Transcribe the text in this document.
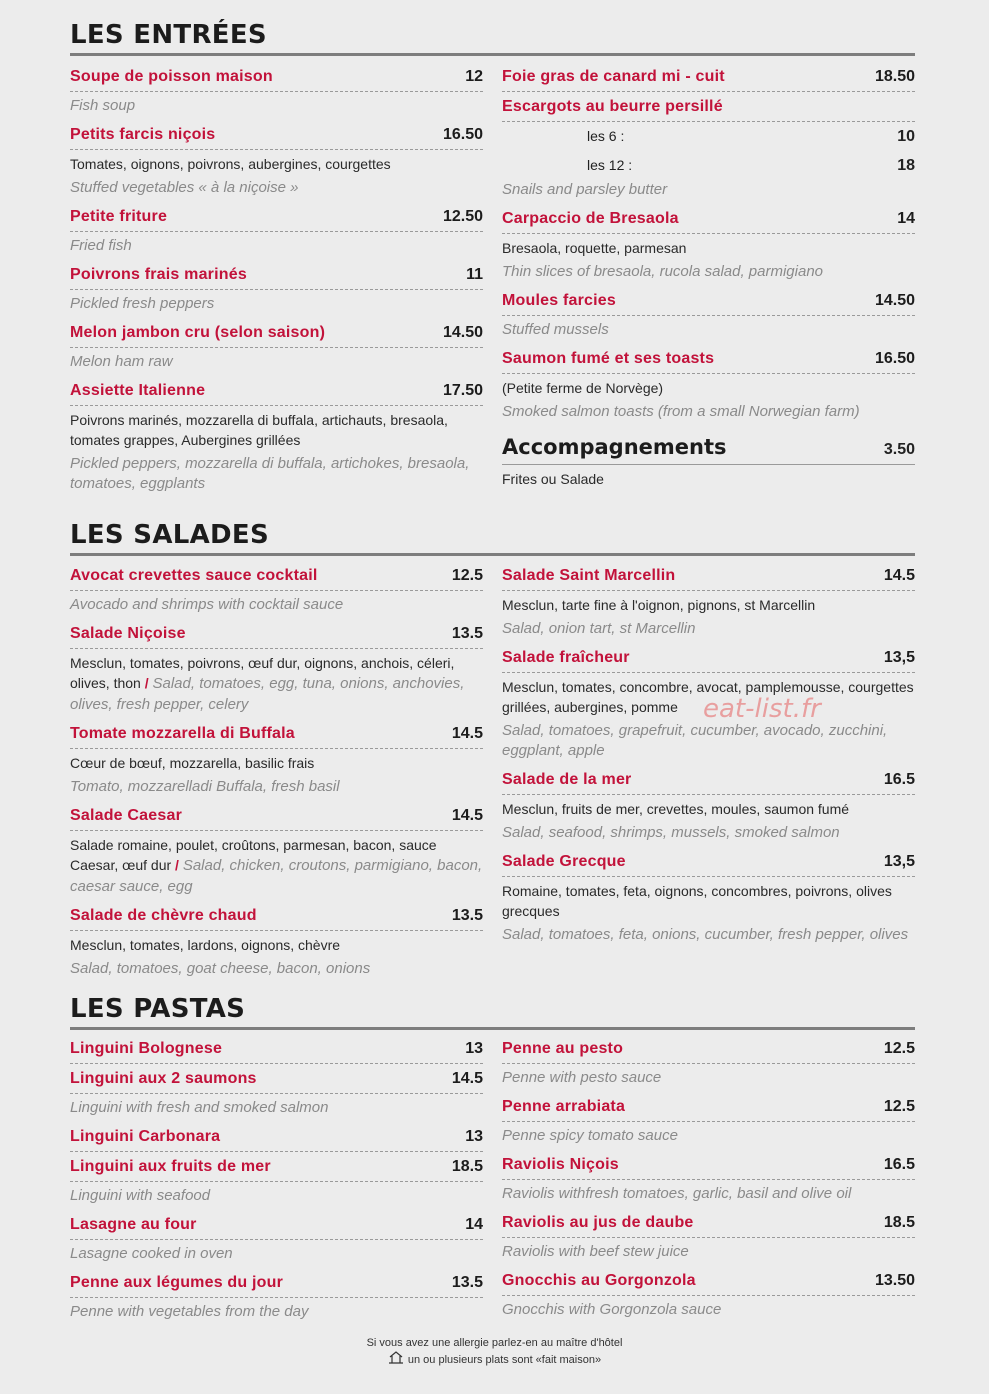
LES ENTRÉES
Soupe de poisson maison	12
Fish soup
Petits farcis niçois	16.50
Tomates, oignons, poivrons, aubergines, courgettes
Stuffed vegetables « à la niçoise »
Petite friture	12.50
Fried fish
Poivrons frais marinés	11
Pickled fresh peppers
Melon jambon cru (selon saison)	14.50
Melon ham raw
Assiette Italienne	17.50
Poivrons marinés, mozzarella di buffala, artichauts, bresaola, tomates grappes, Aubergines grillées
Pickled peppers, mozzarella di buffala, artichokes, bresaola, tomatoes, eggplants
Foie gras de canard mi - cuit	18.50
Escargots au beurre persillé
les 6 :	10
les 12 :	18
Snails and parsley butter
Carpaccio de Bresaola	14
Bresaola, roquette, parmesan
Thin slices of bresaola, rucola salad, parmigiano
Moules farcies	14.50
Stuffed mussels
Saumon fumé et ses toasts	16.50
(Petite ferme de Norvège)
Smoked salmon toasts (from a small Norwegian farm)
Accompagnements	3.50
Frites ou Salade
LES SALADES
Avocat crevettes sauce cocktail	12.5
Avocado and shrimps with cocktail sauce
Salade Niçoise	13.5
Mesclun, tomates, poivrons, œuf dur, oignons, anchois, céleri, olives, thon / Salad, tomatoes, egg, tuna, onions, anchovies, olives, fresh pepper, celery
Tomate mozzarella di Buffala	14.5
Cœur de bœuf, mozzarella, basilic frais
Tomato, mozzarelladi Buffala, fresh basil
Salade Caesar	14.5
Salade romaine, poulet, croûtons, parmesan, bacon, sauce Caesar, œuf dur / Salad, chicken, croutons, parmigiano, bacon, caesar sauce, egg
Salade de chèvre chaud	13.5
Mesclun, tomates, lardons, oignons, chèvre
Salad, tomatoes, goat cheese, bacon, onions
Salade Saint Marcellin	14.5
Mesclun, tarte fine à l'oignon, pignons, st Marcellin
Salad, onion tart, st Marcellin
Salade fraîcheur	13,5
Mesclun, tomates, concombre, avocat, pamplemousse, courgettes grillées, aubergines, pomme
Salad, tomatoes, grapefruit, cucumber, avocado, zucchini, eggplant, apple
Salade de la mer	16.5
Mesclun, fruits de mer, crevettes, moules, saumon fumé
Salad, seafood, shrimps, mussels, smoked salmon
Salade Grecque	13,5
Romaine, tomates, feta, oignons, concombres, poivrons, olives grecques
Salad, tomatoes, feta, onions, cucumber, fresh pepper, olives
LES PASTAS
Linguini Bolognese	13
Linguini aux 2 saumons	14.5
Linguini with fresh and smoked salmon
Linguini Carbonara	13
Linguini aux fruits de mer	18.5
Linguini with seafood
Lasagne au four	14
Lasagne cooked in oven
Penne aux légumes du jour	13.5
Penne with vegetables from the day
Penne au pesto	12.5
Penne with pesto sauce
Penne arrabiata	12.5
Penne spicy tomato sauce
Raviolis Niçois	16.5
Raviolis withfresh tomatoes, garlic, basil and olive oil
Raviolis au jus de daube	18.5
Raviolis with beef stew juice
Gnocchis au Gorgonzola	13.50
Gnocchis with Gorgonzola sauce
eat-list.fr
Si vous avez une allergie parlez-en au maître d'hôtel
un ou plusieurs plats sont «fait maison»
